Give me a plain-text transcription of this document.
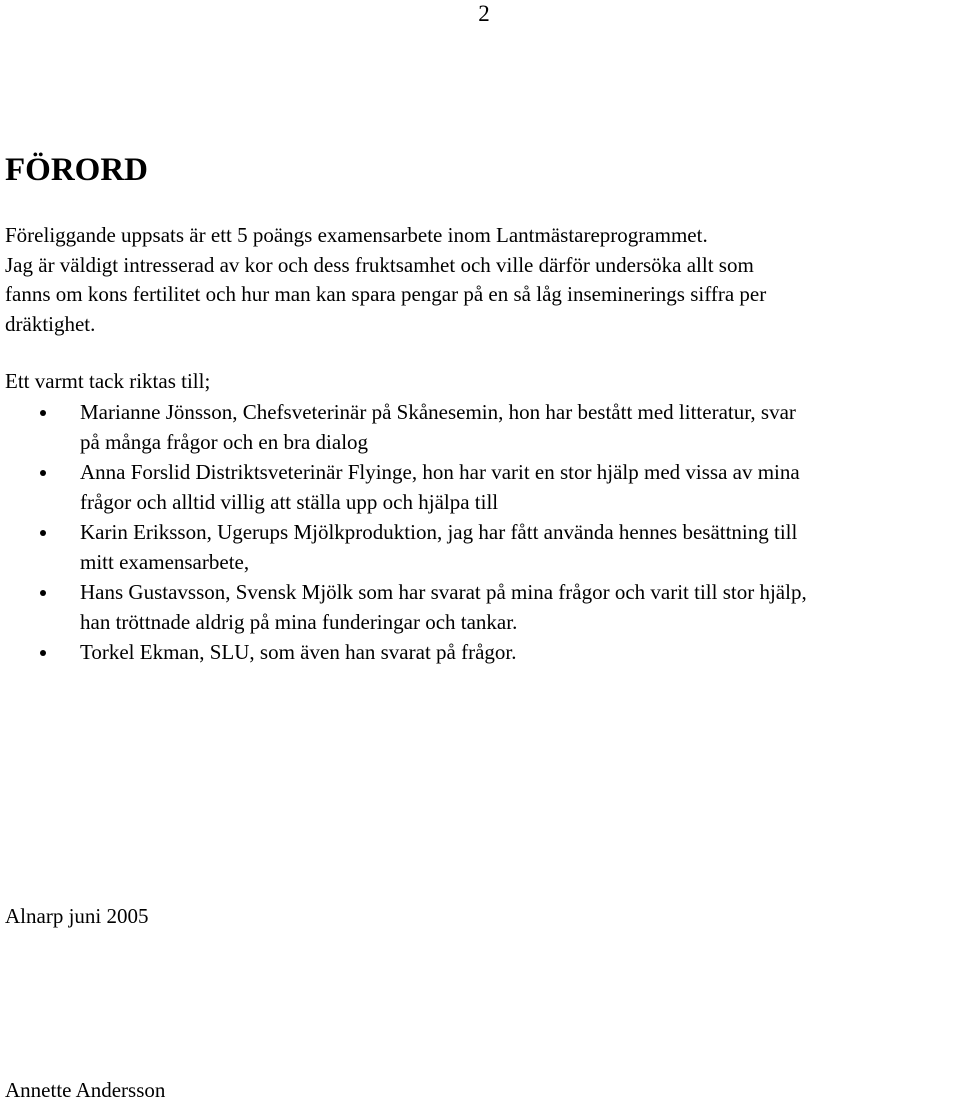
2
FÖRORD

Föreliggande uppsats är ett 5 poängs examensarbete inom Lantmästareprogrammet.
Jag är väldigt intresserad av kor och dess fruktsamhet och ville därför undersöka allt som
fanns om kons fertilitet och hur man kan spara pengar på en så låg inseminerings siffra per
dräktighet.

Ett varmt tack riktas till;

Marianne Jönsson, Chefsveterinär på Skånesemin, hon har bestått med litteratur, svar
på många frågor och en bra dialog
Anna Forslid Distriktsveterinär Flyinge, hon har varit en stor hjälp med vissa av mina
frågor och alltid villig att ställa upp och hjälpa till
Karin Eriksson, Ugerups Mjölkproduktion, jag har fått använda hennes besättning till
mitt examensarbete,
Hans Gustavsson, Svensk Mjölk som har svarat på mina frågor och varit till stor hjälp,
han tröttnade aldrig på mina funderingar och tankar.
Torkel Ekman, SLU, som även han svarat på frågor.

Alnarp juni 2005

Annette Andersson
